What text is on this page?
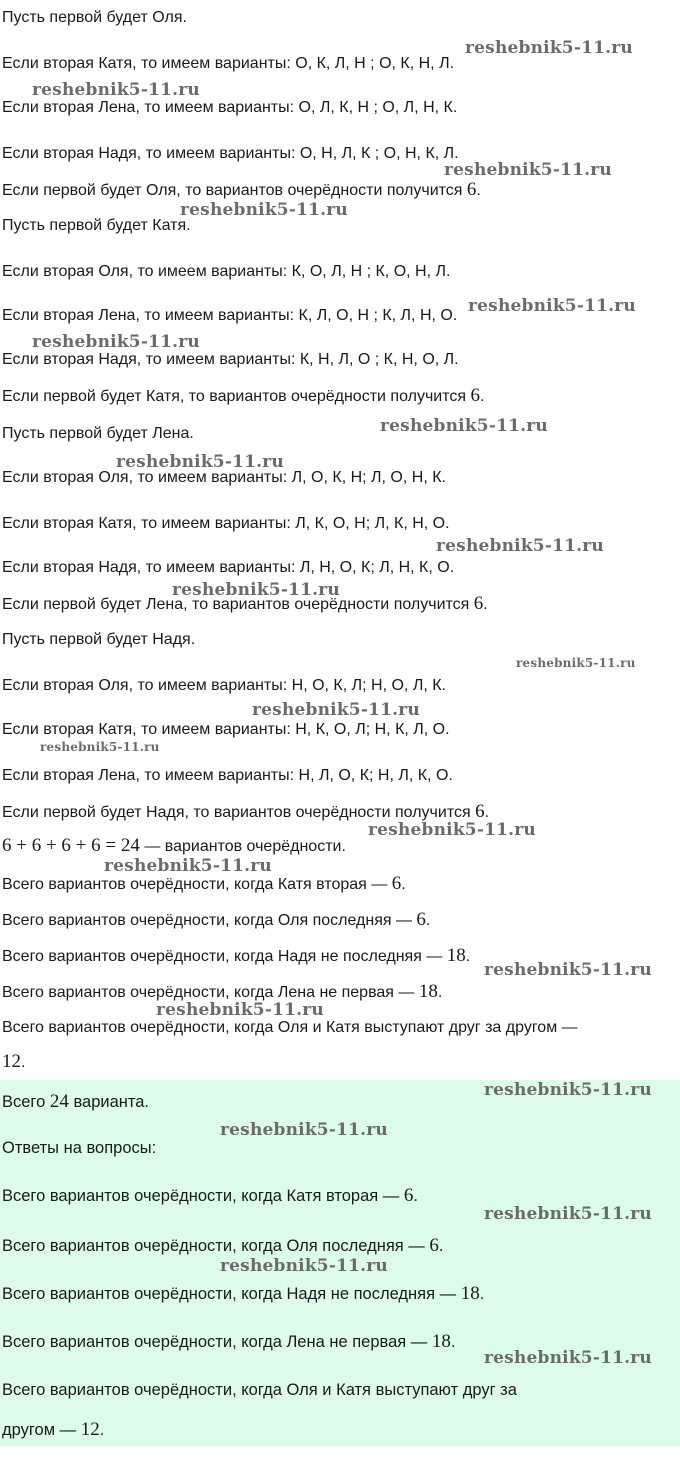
Пусть первой будет Оля.

Если вторая Катя, то имеем варианты: О, К, Л, Н ; О, К, Н, Л.

Если вторая Лена, то имеем варианты: О, Л, К, Н ; О, Л, Н, К.

Если вторая Надя, то имеем варианты: О, Н, Л, К ; О, Н, К, Л.

Если первой будет Оля, то вариантов очерёдности получится 6.

Пусть первой будет Катя.

Если вторая Оля, то имеем варианты: К, О, Л, Н ; К, О, Н, Л.

Если вторая Лена, то имеем варианты: К, Л, О, Н ; К, Л, Н, О.

Если вторая Надя, то имеем варианты: К, Н, Л, О ; К, Н, О, Л.

Если первой будет Катя, то вариантов очерёдности получится 6.

Пусть первой будет Лена.

Если вторая Оля, то имеем варианты: Л, О, К, Н; Л, О, Н, К.

Если вторая Катя, то имеем варианты: Л, К, О, Н; Л, К, Н, О.

Если вторая Надя, то имеем варианты: Л, Н, О, К; Л, Н, К, О.

Если первой будет Лена, то вариантов очерёдности получится 6.

Пусть первой будет Надя.

Если вторая Оля, то имеем варианты: Н, О, К, Л; Н, О, Л, К.

Если вторая Катя, то имеем варианты: Н, К, О, Л; Н, К, Л, О.

Если вторая Лена, то имеем варианты: Н, Л, О, К; Н, Л, К, О.

Если первой будет Надя, то вариантов очерёдности получится 6.

6 + 6 + 6 + 6 = 24 — вариантов очерёдности.

Всего вариантов очерёдности, когда Катя вторая — 6.

Всего вариантов очерёдности, когда Оля последняя — 6.

Всего вариантов очерёдности, когда Надя не последняя — 18.

Всего вариантов очерёдности, когда Лена не первая — 18.

Всего вариантов очерёдности, когда Оля и Катя выступают друг за другом —

12.

Всего 24 варианта.

Ответы на вопросы:

Всего вариантов очерёдности, когда Катя вторая — 6.

Всего вариантов очерёдности, когда Оля последняя — 6.

Всего вариантов очерёдности, когда Надя не последняя — 18.

Всего вариантов очерёдности, когда Лена не первая — 18.

Всего вариантов очерёдности, когда Оля и Катя выступают друг за

другом — 12.

reshebnik5-11.ru

reshebnik5-11.ru

reshebnik5-11.ru

reshebnik5-11.ru

reshebnik5-11.ru

reshebnik5-11.ru

reshebnik5-11.ru

reshebnik5-11.ru

reshebnik5-11.ru

reshebnik5-11.ru

reshebnik5-11.ru

reshebnik5-11.ru

reshebnik5-11.ru

reshebnik5-11.ru

reshebnik5-11.ru

reshebnik5-11.ru

reshebnik5-11.ru

reshebnik5-11.ru

reshebnik5-11.ru

reshebnik5-11.ru

reshebnik5-11.ru

reshebnik5-11.ru
